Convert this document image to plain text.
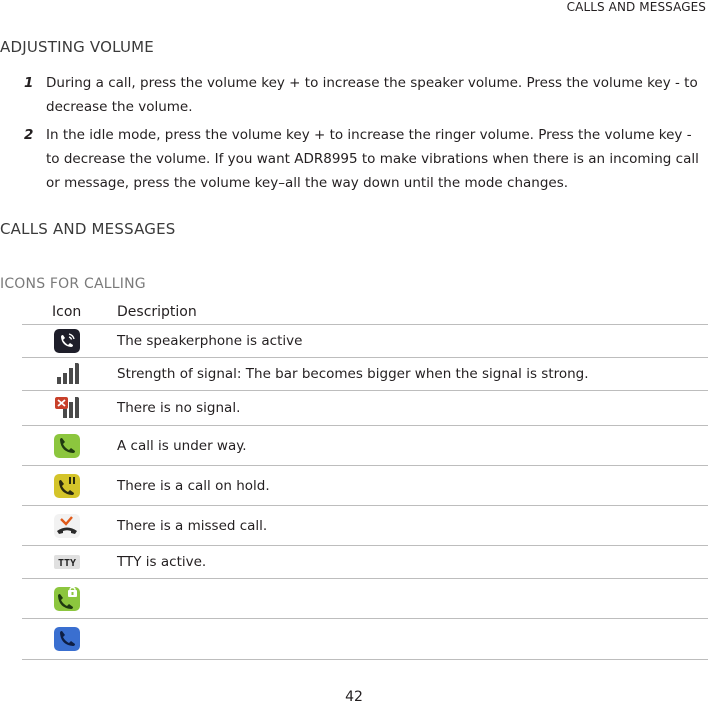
CALLS AND MESSAGES
ADJUSTING VOLUME
1 During a call, press the volume key + to increase the speaker volume. Press the volume key - to decrease the volume.
2 In the idle mode, press the volume key + to increase the ringer volume. Press the volume key - to decrease the volume. If you want ADR8995 to make vibrations when there is an incoming call or message, press the volume key–all the way down until the mode changes.
CALLS AND MESSAGES
ICONS FOR CALLING
Icon	Description
The speakerphone is active
Strength of signal: The bar becomes bigger when the signal is strong.
There is no signal.
A call is under way.
There is a call on hold.
There is a missed call.
TTY	TTY is active.
42
